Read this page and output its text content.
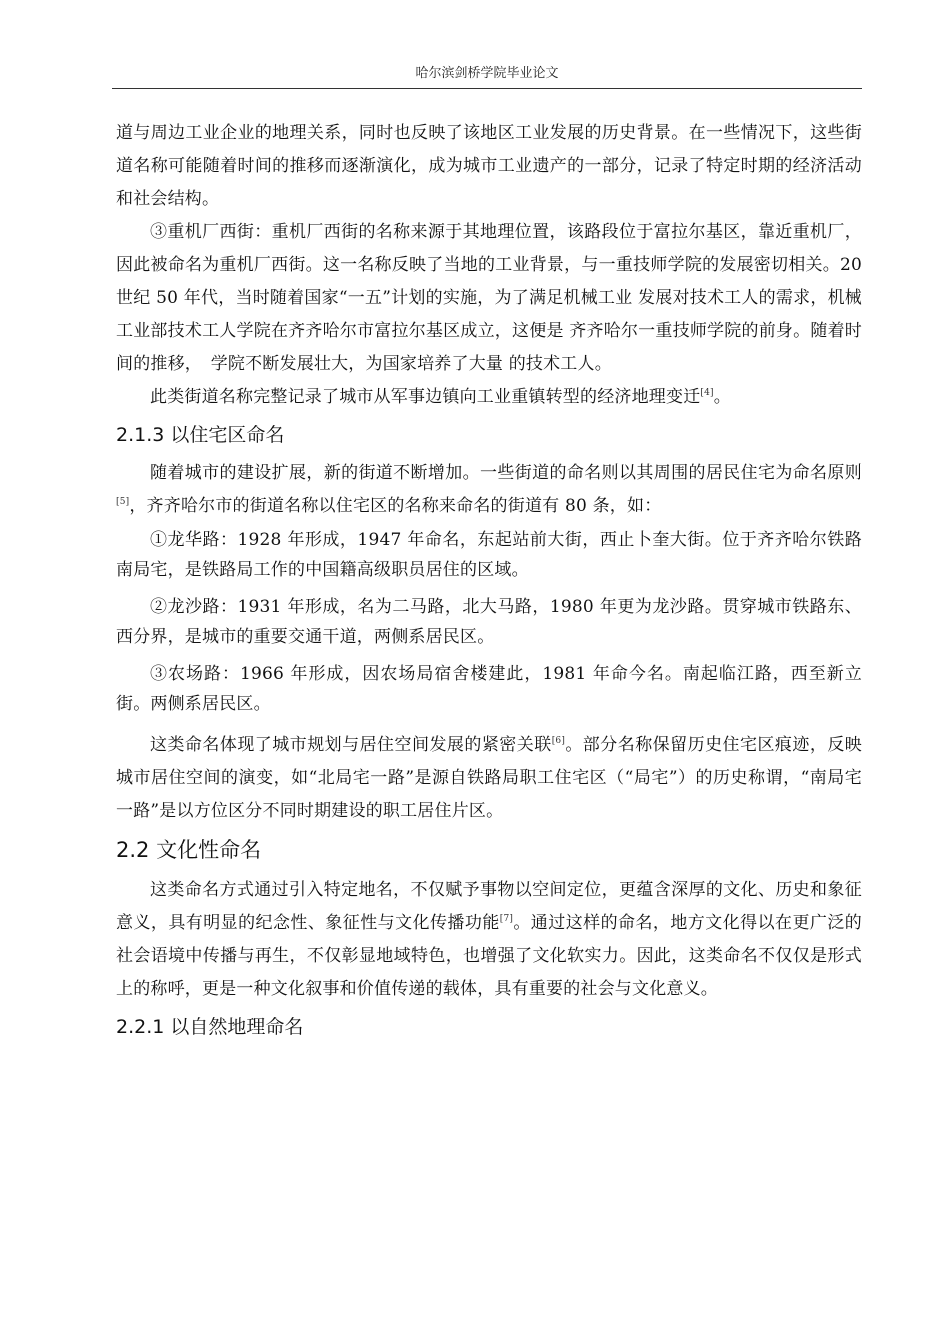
哈尔滨剑桥学院毕业论文

道与周边工业企业的地理关系，同时也反映了该地区工业发展的历史背景。在一些情况下，这些街道名称可能随着时间的推移而逐渐演化，成为城市工业遗产的一部分，记录了特定时期的经济活动和社会结构。

③重机厂西街：重机厂西街的名称来源于其地理位置，该路段位于富拉尔基区，靠近重机厂，因此被命名为重机厂西街。这一名称反映了当地的工业背景，与一重技师学院的发展密切相关。20 世纪 50 年代，当时随着国家“一五”计划的实施，为了满足机械工业 发展对技术工人的需求，机械工业部技术工人学院在齐齐哈尔市富拉尔基区成立，这便是 齐齐哈尔一重技师学院的前身。随着时间的推移，　学院不断发展壮大，为国家培养了大量 的技术工人。

此类街道名称完整记录了城市从军事边镇向工业重镇转型的经济地理变迁[4]。

2.1.3 以住宅区命名

随着城市的建设扩展，新的街道不断增加。一些街道的命名则以其周围的居民住宅为命名原则[5]，齐齐哈尔市的街道名称以住宅区的名称来命名的街道有 80 条，如：

①龙华路：1928 年形成，1947 年命名，东起站前大街，西止卜奎大街。位于齐齐哈尔铁路南局宅，是铁路局工作的中国籍高级职员居住的区域。

②龙沙路：1931 年形成，名为二马路，北大马路，1980 年更为龙沙路。贯穿城市铁路东、西分界，是城市的重要交通干道，两侧系居民区。

③农场路：1966 年形成，因农场局宿舍楼建此，1981 年命今名。南起临江路，西至新立街。两侧系居民区。

这类命名体现了城市规划与居住空间发展的紧密关联[6]。部分名称保留历史住宅区痕迹，反映城市居住空间的演变，如“北局宅一路”是源自铁路局职工住宅区（“局宅”）的历史称谓，“南局宅一路”是以方位区分不同时期建设的职工居住片区。

2.2 文化性命名

这类命名方式通过引入特定地名，不仅赋予事物以空间定位，更蕴含深厚的文化、历史和象征意义，具有明显的纪念性、象征性与文化传播功能[7]。通过这样的命名，地方文化得以在更广泛的社会语境中传播与再生，不仅彰显地域特色，也增强了文化软实力。因此，这类命名不仅仅是形式上的称呼，更是一种文化叙事和价值传递的载体，具有重要的社会与文化意义。

2.2.1 以自然地理命名
